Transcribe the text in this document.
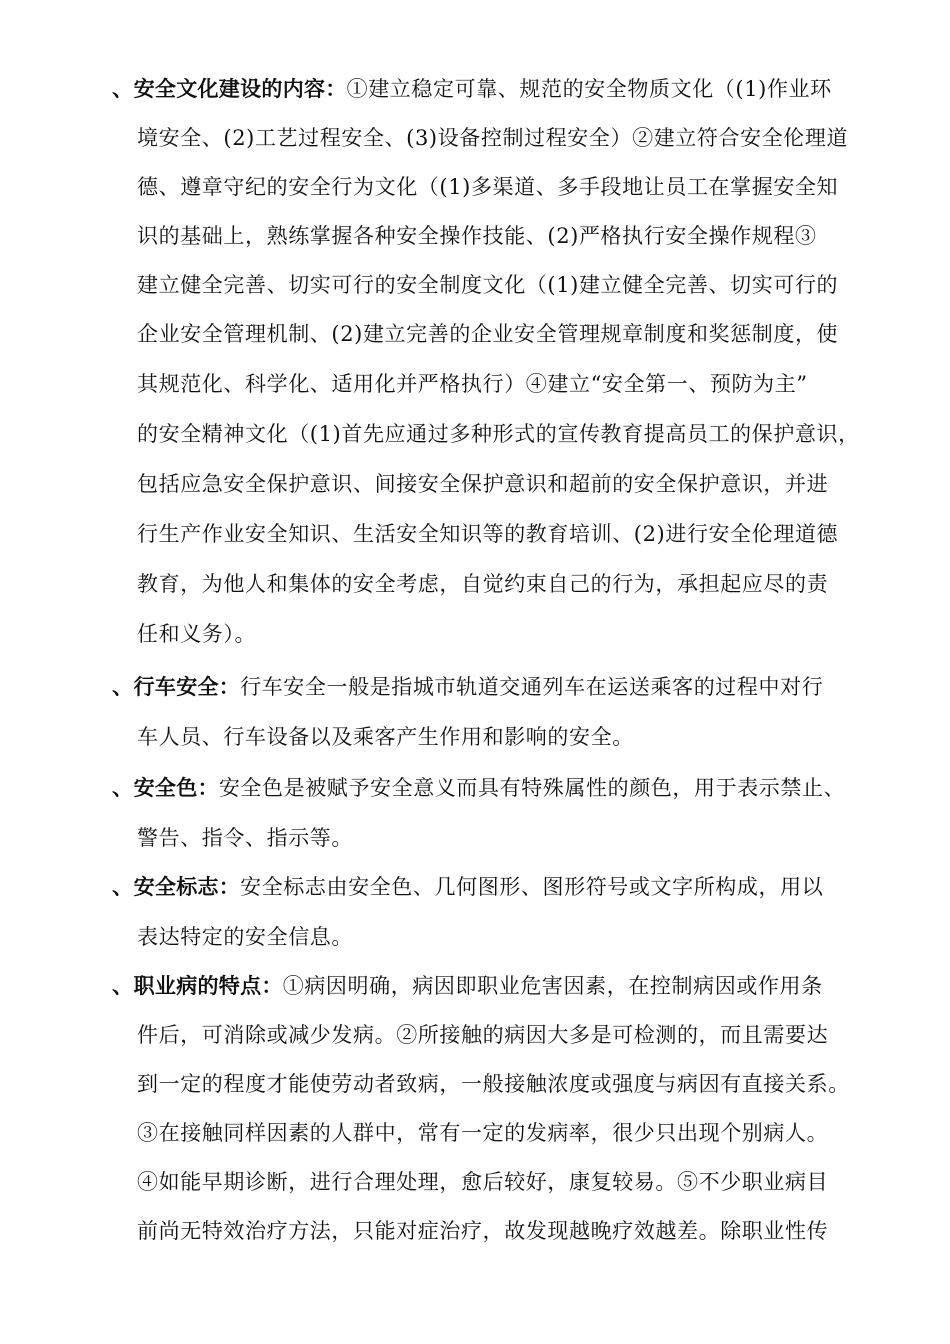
、安全文化建设的内容：①建立稳定可靠、规范的安全物质文化（(1)作业环
境安全、(2)工艺过程安全、(3)设备控制过程安全）②建立符合安全伦理道
德、遵章守纪的安全行为文化（(1)多渠道、多手段地让员工在掌握安全知
识的基础上，熟练掌握各种安全操作技能、(2)严格执行安全操作规程③
建立健全完善、切实可行的安全制度文化（(1)建立健全完善、切实可行的
企业安全管理机制、(2)建立完善的企业安全管理规章制度和奖惩制度，使
其规范化、科学化、适用化并严格执行）④建立“安全第一、预防为主”
的安全精神文化（(1)首先应通过多种形式的宣传教育提高员工的保护意识，
包括应急安全保护意识、间接安全保护意识和超前的安全保护意识，并进
行生产作业安全知识、生活安全知识等的教育培训、(2)进行安全伦理道德
教育，为他人和集体的安全考虑，自觉约束自己的行为，承担起应尽的责
任和义务）。
、行车安全：行车安全一般是指城市轨道交通列车在运送乘客的过程中对行
车人员、行车设备以及乘客产生作用和影响的安全。
、安全色：安全色是被赋予安全意义而具有特殊属性的颜色，用于表示禁止、
警告、指令、指示等。
、安全标志：安全标志由安全色、几何图形、图形符号或文字所构成，用以
表达特定的安全信息。
、职业病的特点：①病因明确，病因即职业危害因素，在控制病因或作用条
件后，可消除或减少发病。②所接触的病因大多是可检测的，而且需要达
到一定的程度才能使劳动者致病，一般接触浓度或强度与病因有直接关系。
③在接触同样因素的人群中，常有一定的发病率，很少只出现个别病人。
④如能早期诊断，进行合理处理，愈后较好，康复较易。⑤不少职业病目
前尚无特效治疗方法，只能对症治疗，故发现越晚疗效越差。除职业性传
